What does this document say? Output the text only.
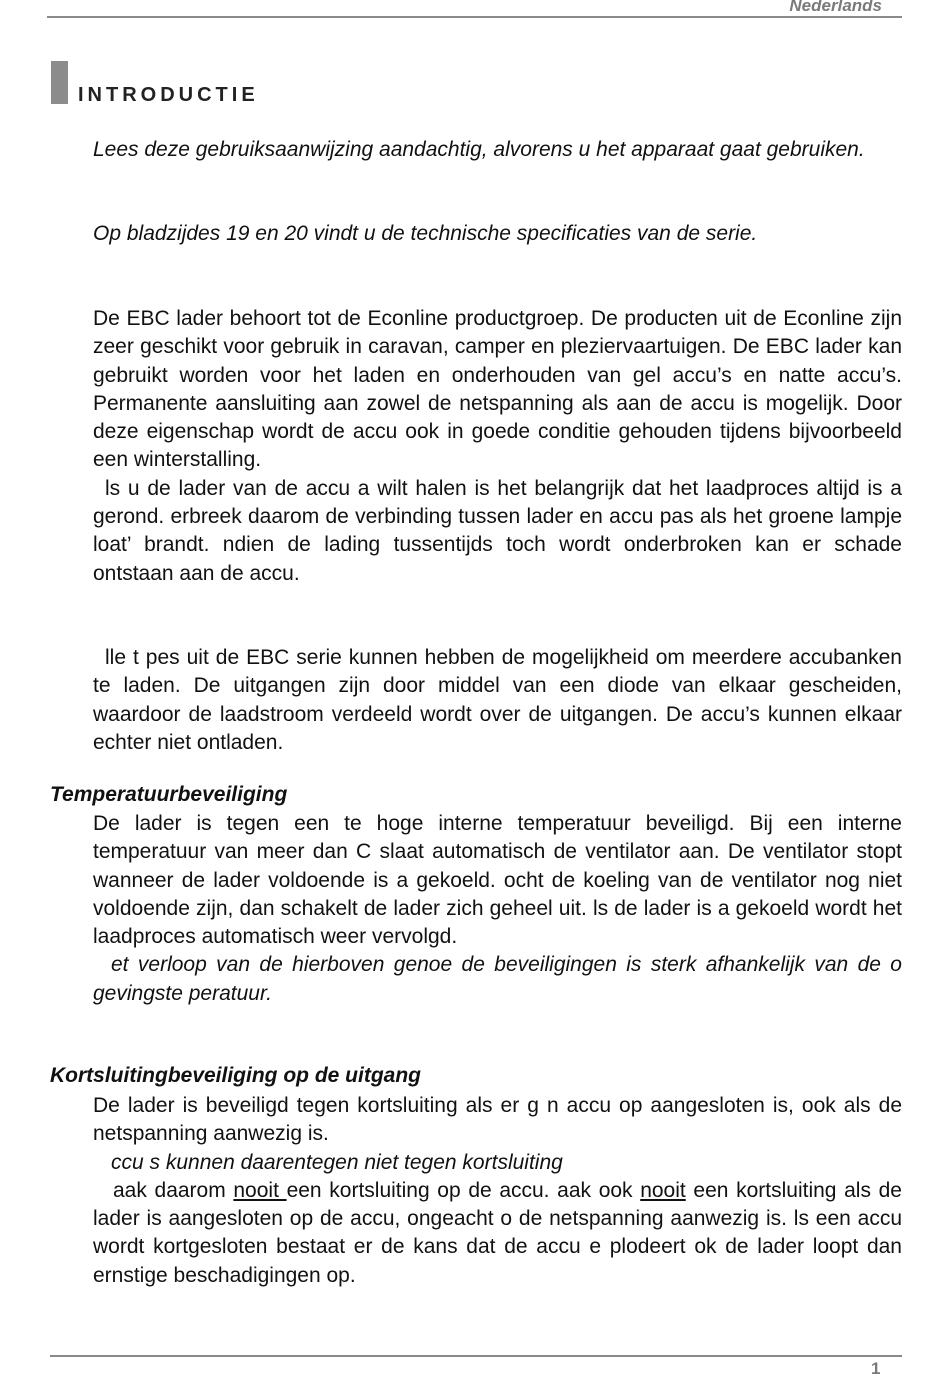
Nederlands
INTRODUCTIE

Lees deze gebruiksaanwijzing aandachtig, alvorens u het apparaat gaat gebruiken.

Op bladzijdes 19 en 20 vindt u de technische specificaties van de serie.

De EBC lader behoort tot de Econline productgroep. De producten uit de Econline zijn zeer geschikt voor gebruik in caravan, camper en pleziervaartuigen. De EBC lader kan gebruikt worden voor het laden en onderhouden van gel accu’s en natte accu’s. Permanente aansluiting aan zowel de netspanning als aan de accu is mogelijk. Door deze eigenschap wordt de accu ook in goede conditie gehouden tijdens bijvoorbeeld een winterstalling.

ls u de lader van de accu a wilt halen is het belangrijk dat het laadproces altijd is a gerond. erbreek daarom de verbinding tussen lader en accu pas als het groene lampje loat’ brandt. ndien de lading tussentijds toch wordt onderbroken kan er schade ontstaan aan de accu.

lle t pes uit de EBC serie kunnen hebben de mogelijkheid om meerdere accubanken te laden. De uitgangen zijn door middel van een diode van elkaar gescheiden, waardoor de laadstroom verdeeld wordt over de uitgangen. De accu’s kunnen elkaar echter niet ontladen.

Temperatuurbeveiliging

De lader is tegen een te hoge interne temperatuur beveiligd. Bij een interne temperatuur van meer dan C slaat automatisch de ventilator aan. De ventilator stopt wanneer de lader voldoende is a gekoeld. ocht de koeling van de ventilator nog niet voldoende zijn, dan schakelt de lader zich geheel uit. ls de lader is a gekoeld wordt het laadproces automatisch weer vervolgd.

et verloop van de hierboven genoe de beveiligingen is sterk afhankelijk van de o gevingste peratuur.

Kortsluitingbeveiliging op de uitgang

De lader is beveiligd tegen kortsluiting als er g n accu op aangesloten is, ook als de netspanning aanwezig is.

ccu s kunnen daarentegen niet tegen kortsluiting

aak daarom nooit een kortsluiting op de accu. aak ook nooit een kortsluiting als de lader is aangesloten op de accu, ongeacht o de netspanning aanwezig is. ls een accu wordt kortgesloten bestaat er de kans dat de accu e plodeert ok de lader loopt dan ernstige beschadigingen op.

1
